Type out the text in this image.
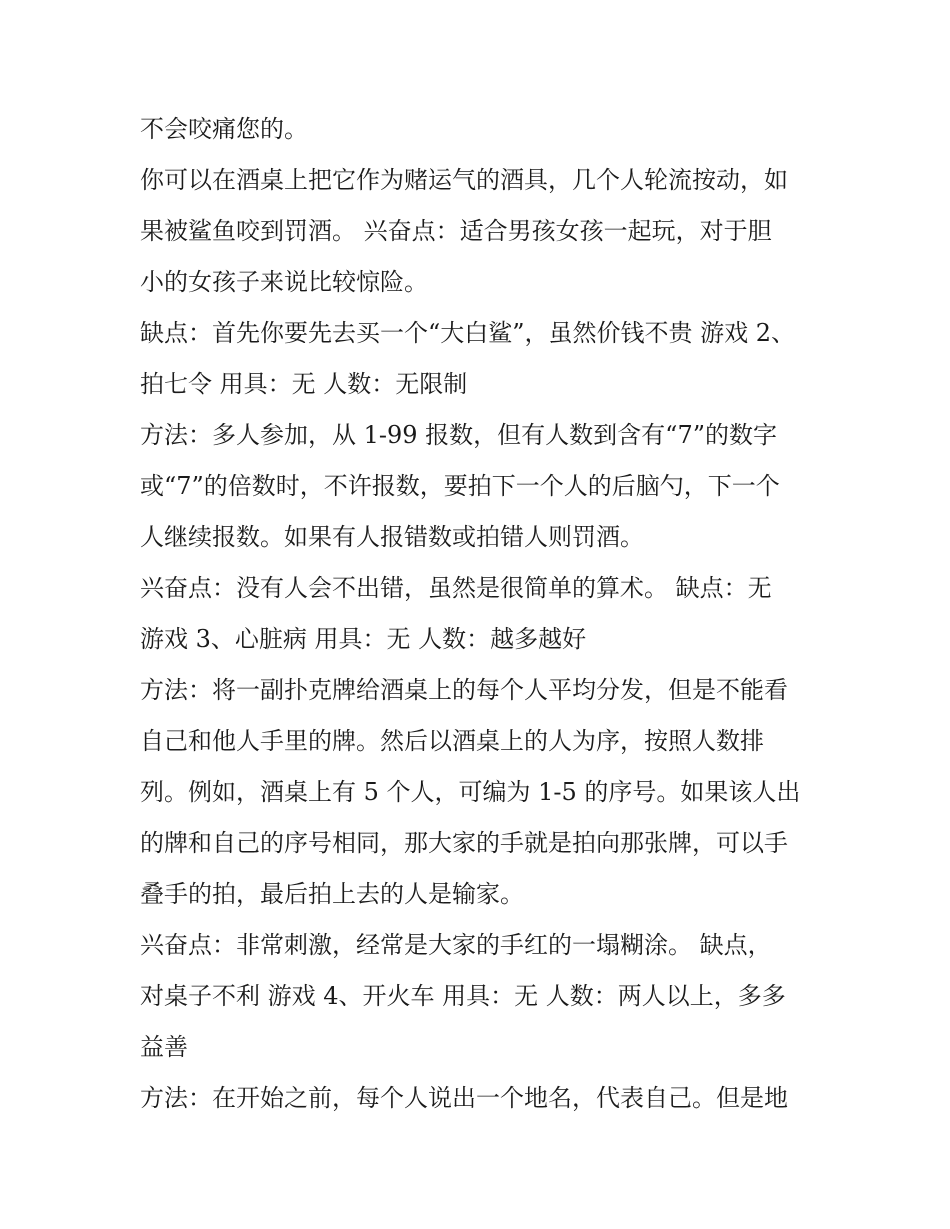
不会咬痛您的。
你可以在酒桌上把它作为赌运气的酒具，几个人轮流按动，如
果被鲨鱼咬到罚酒。 兴奋点：适合男孩女孩一起玩，对于胆
小的女孩子来说比较惊险。
缺点：首先你要先去买一个“大白鲨”，虽然价钱不贵 游戏 2、
拍七令 用具：无 人数：无限制
方法：多人参加，从 1-99 报数，但有人数到含有“7”的数字
或“7”的倍数时，不许报数，要拍下一个人的后脑勺，下一个
人继续报数。如果有人报错数或拍错人则罚酒。
兴奋点：没有人会不出错，虽然是很简单的算术。 缺点：无
游戏 3、心脏病 用具：无 人数：越多越好
方法：将一副扑克牌给酒桌上的每个人平均分发，但是不能看
自己和他人手里的牌。然后以酒桌上的人为序，按照人数排
列。例如，酒桌上有 5 个人，可编为 1-5 的序号。如果该人出
的牌和自己的序号相同，那大家的手就是拍向那张牌，可以手
叠手的拍，最后拍上去的人是输家。
兴奋点：非常刺激，经常是大家的手红的一塌糊涂。 缺点，
对桌子不利 游戏 4、开火车 用具：无 人数：两人以上，多多
益善
方法：在开始之前，每个人说出一个地名，代表自己。但是地
